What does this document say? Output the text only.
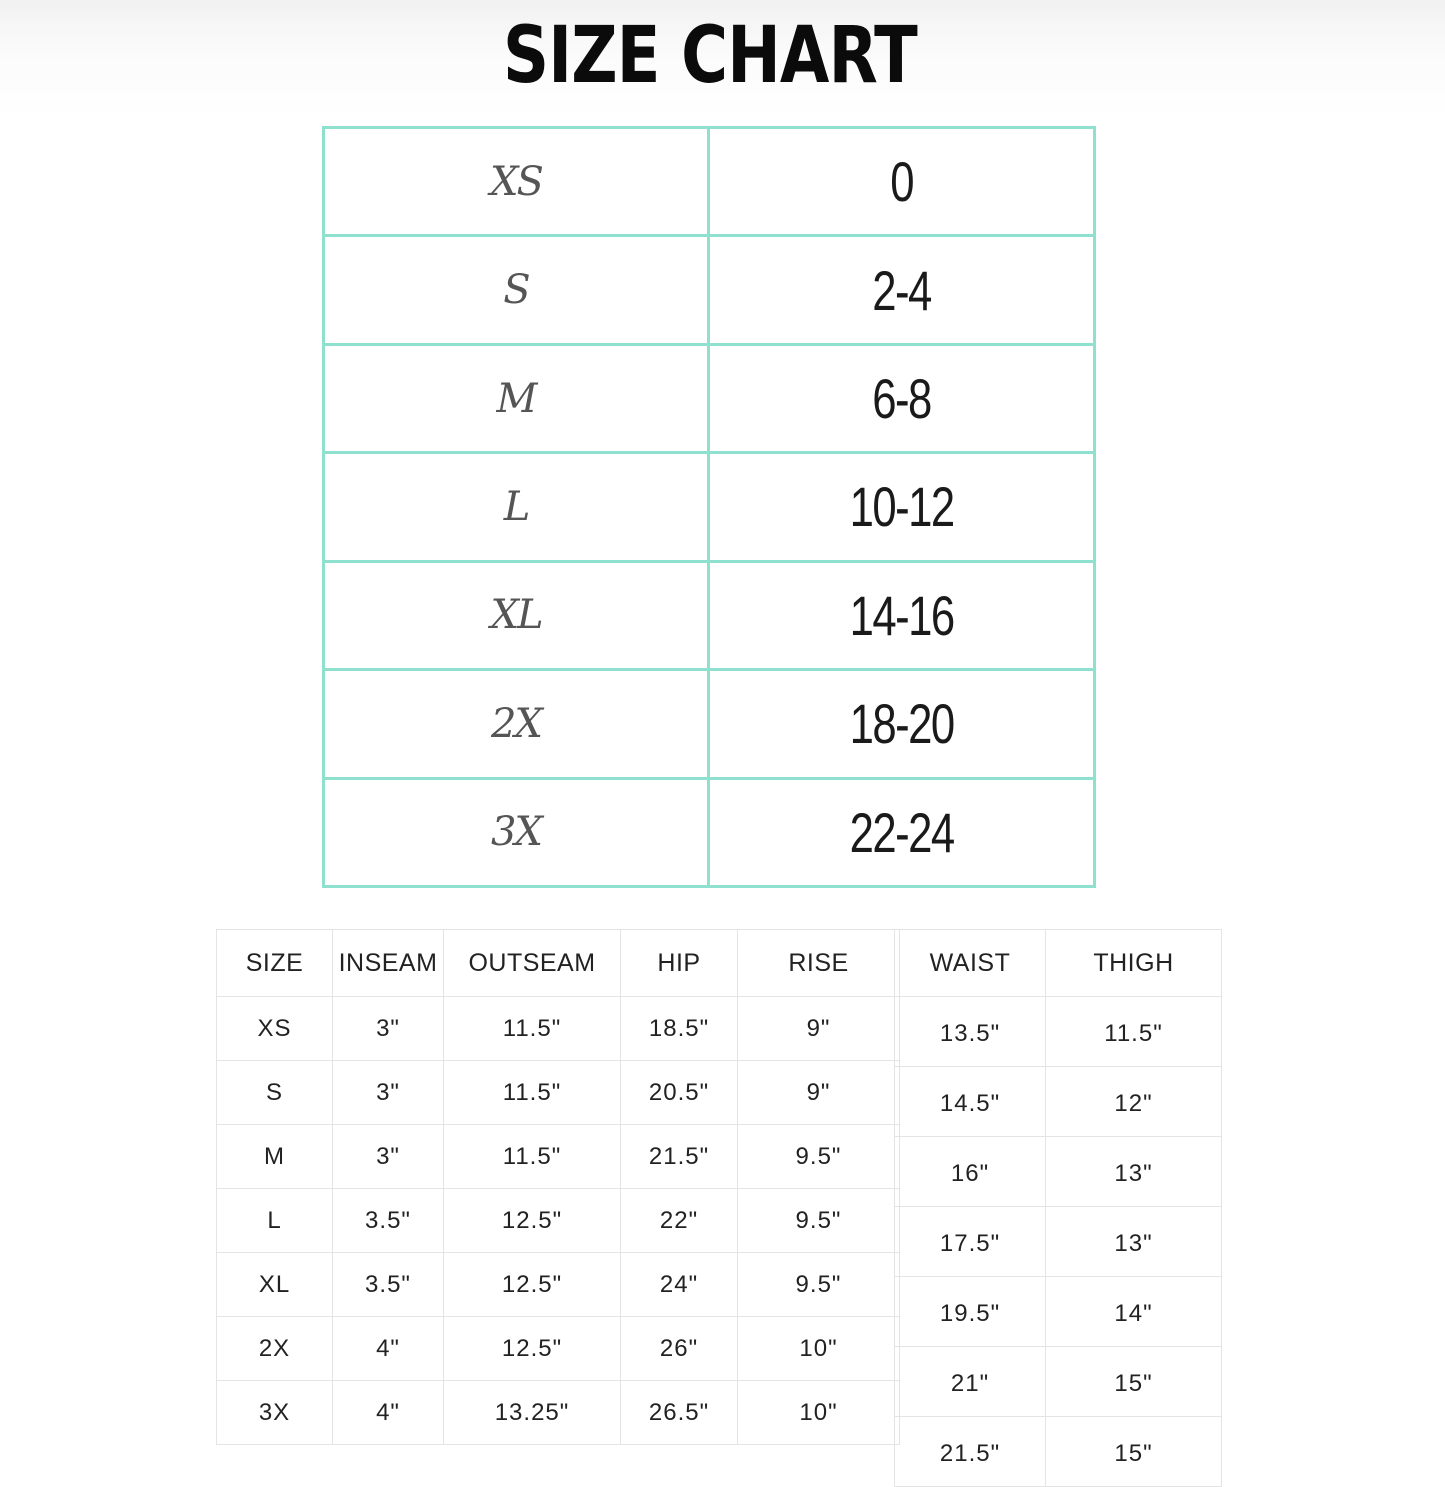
SIZE CHART
XS	0
S	2-4
M	6-8
L	10-12
XL	14-16
2X	18-20
3X	22-24
SIZE	INSEAM	OUTSEAM	HIP	RISE
XS	3"	11.5"	18.5"	9"
S	3"	11.5"	20.5"	9"
M	3"	11.5"	21.5"	9.5"
L	3.5"	12.5"	22"	9.5"
XL	3.5"	12.5"	24"	9.5"
2X	4"	12.5"	26"	10"
3X	4"	13.25"	26.5"	10"
WAIST	THIGH
13.5"	11.5"
14.5"	12"
16"	13"
17.5"	13"
19.5"	14"
21"	15"
21.5"	15"
